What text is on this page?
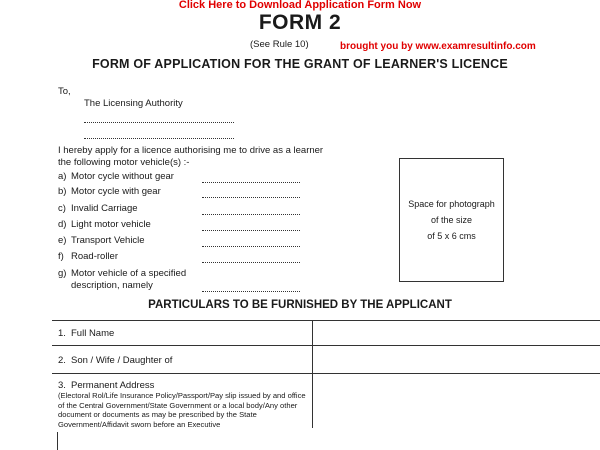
Click Here to Download Application Form Now
FORM 2
(See Rule 10)	brought you by www.examresultinfo.com
FORM OF APPLICATION FOR THE GRANT OF LEARNER'S LICENCE
To,
The Licensing Authority
I hereby apply for a licence authorising me to drive as a learner
the following motor vehicle(s) :-
a) Motor cycle without gear
b) Motor cycle with gear
c) Invalid Carriage
d) Light motor vehicle
e) Transport Vehicle
f) Road-roller
g) Motor vehicle of a specified
description, namely
Space for photograph
of the size
of 5 x 6 cms
PARTICULARS TO BE FURNISHED BY THE APPLICANT
1. Full Name
2. Son / Wife / Daughter of
3. Permanent Address
(Electoral Rol/Life Insurance Policy/Passport/Pay slip issued by and office of the Central Government/State Government or a local body/Any other document or documents as may be prescribed by the State Government/Affidavit sworn before an Executive
